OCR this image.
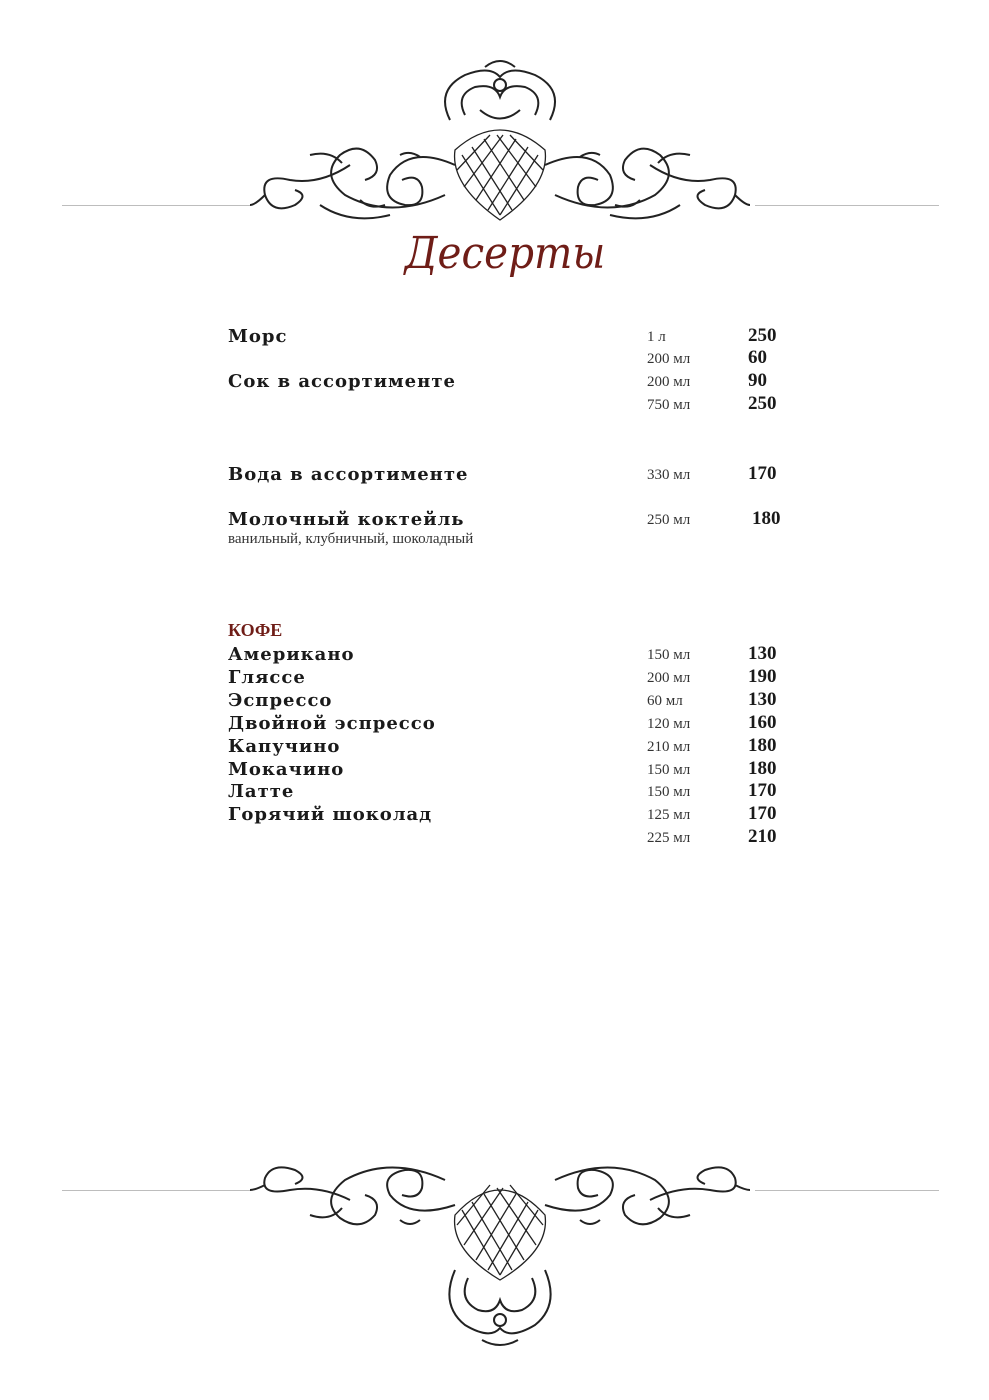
Десерты
Морс	1 л	250
200 мл	60
Сок в ассортименте	200 мл	90
750 мл	250
Вода в ассортименте	330 мл	170
Молочный коктейль	250 мл	180
ванильный, клубничный, шоколадный
КОФЕ
Американо	150 мл	130
Гляссе	200 мл	190
Эспрессо	60 мл	130
Двойной эспрессо	120 мл	160
Капучино	210 мл	180
Мокачино	150 мл	180
Латте	150 мл	170
Горячий шоколад	125 мл	170
225 мл	210
